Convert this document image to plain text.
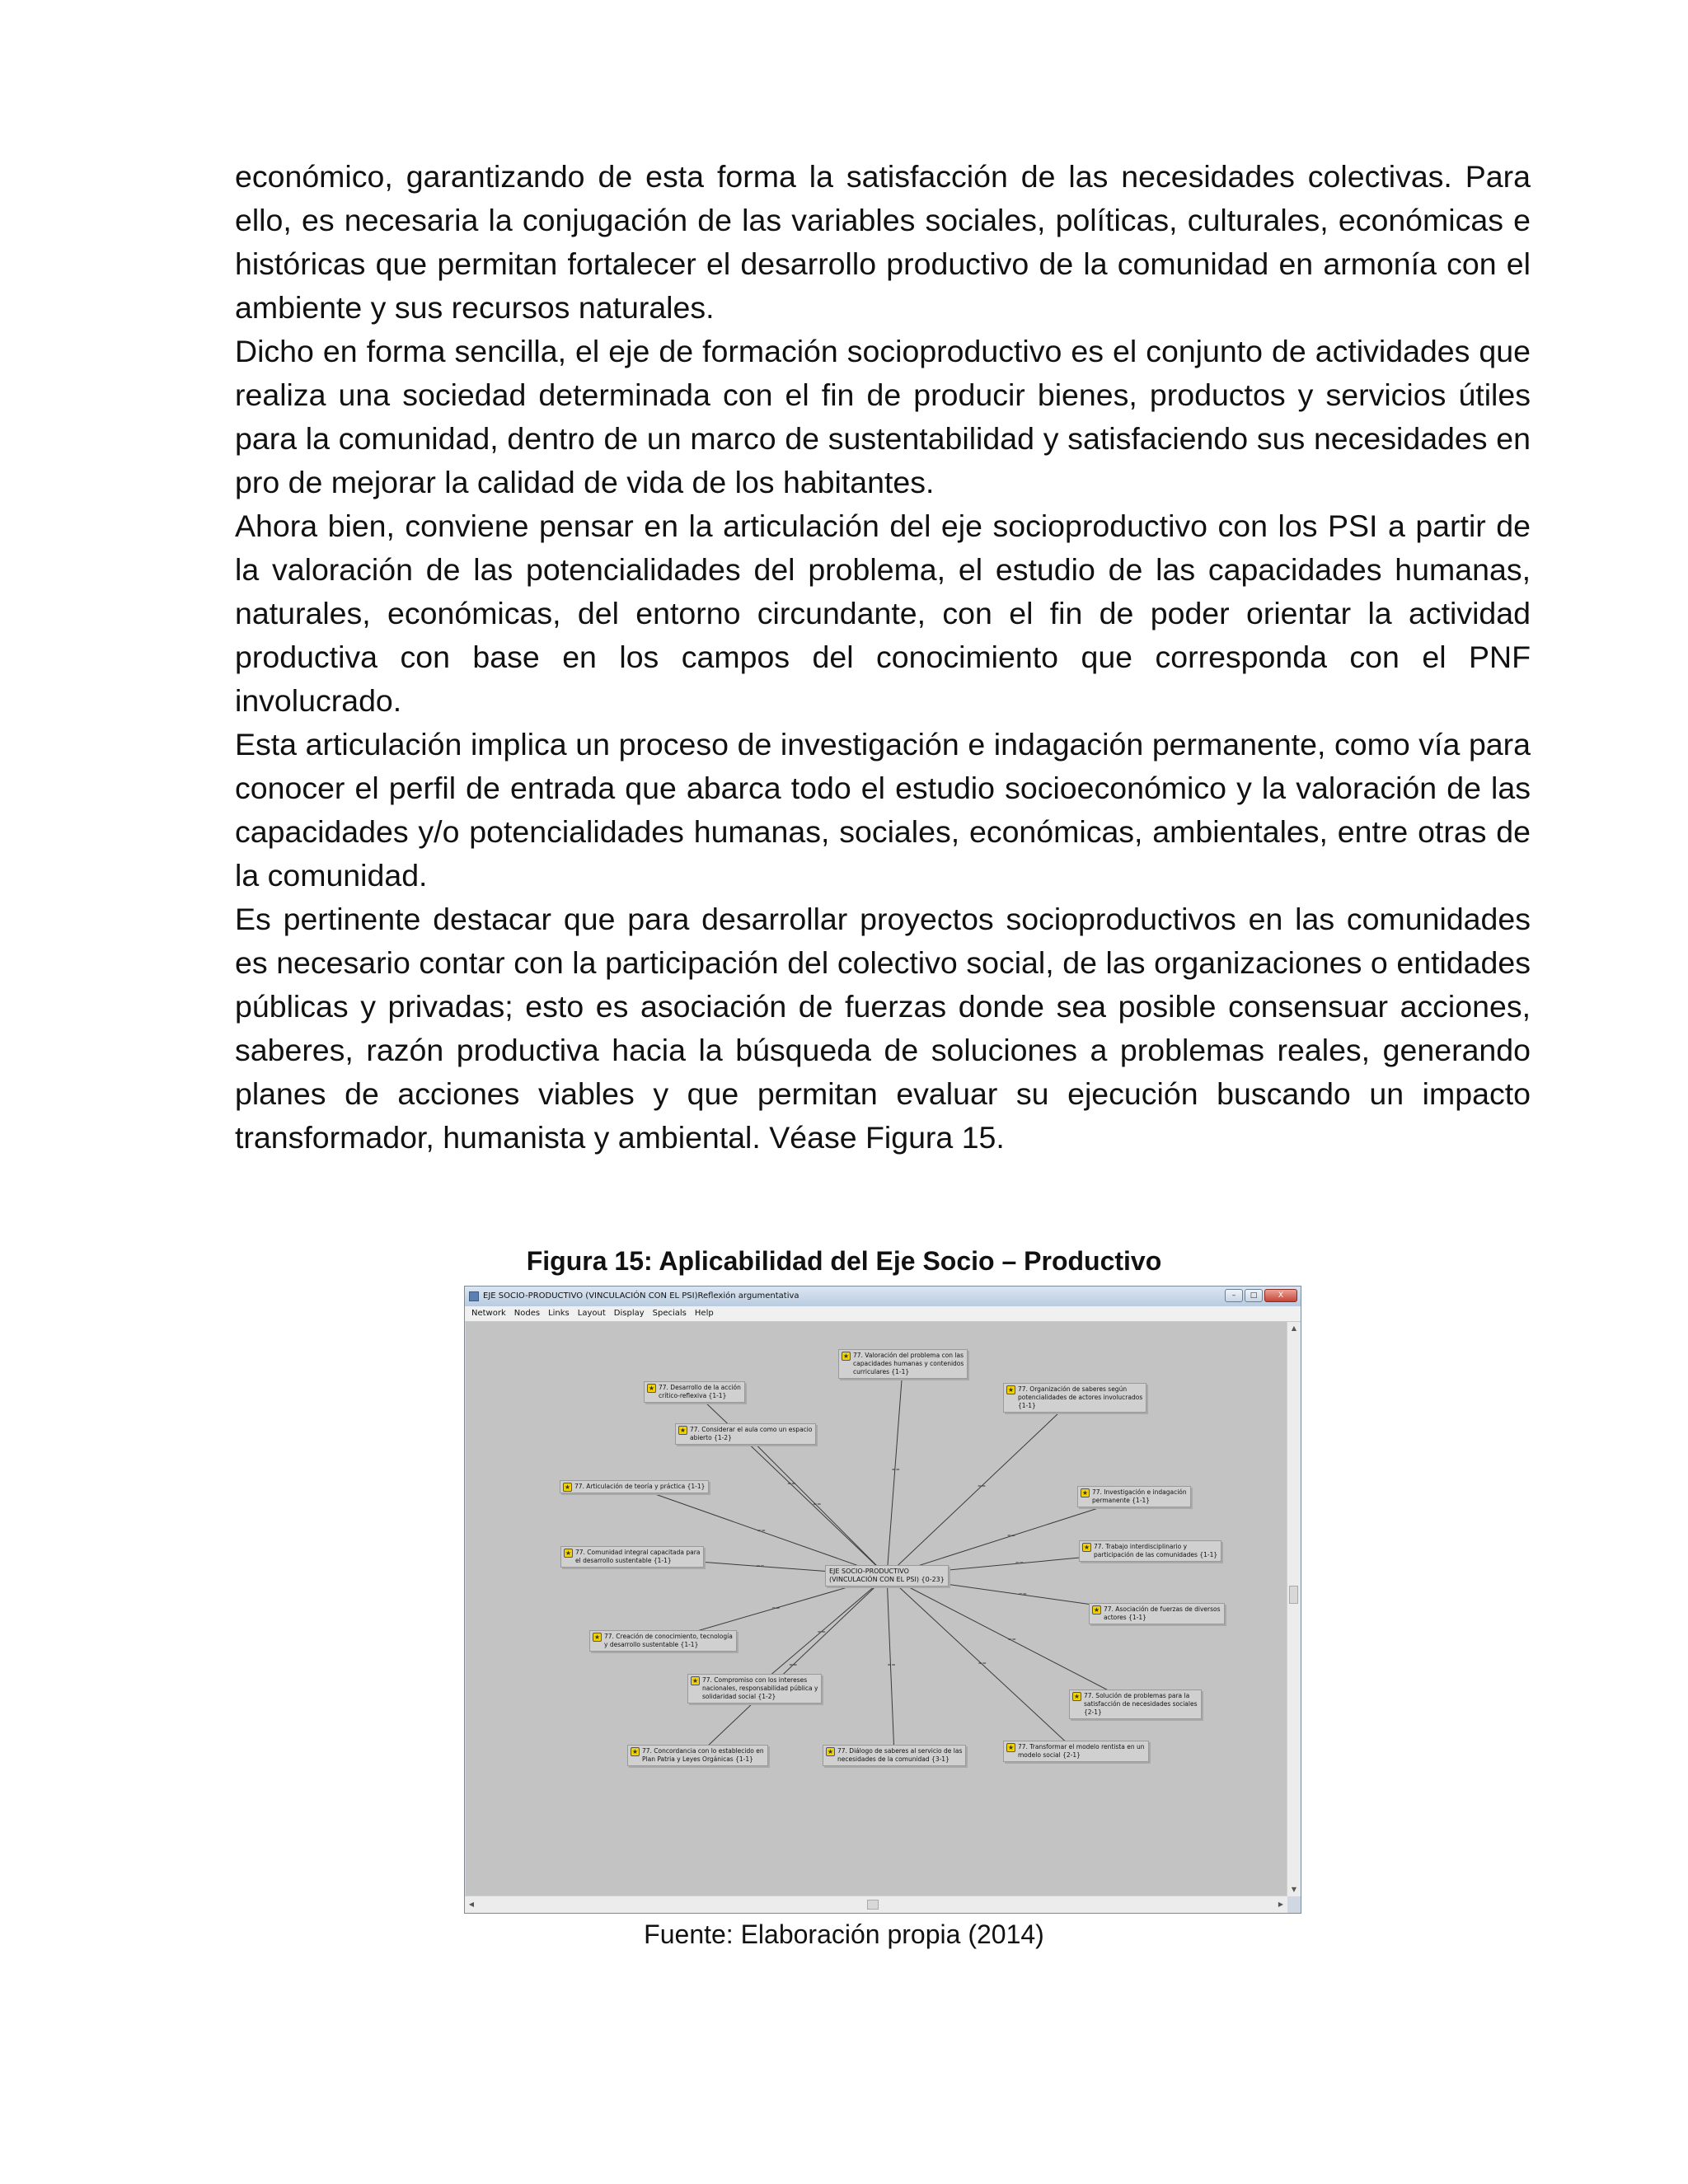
económico, garantizando de esta forma la satisfacción de las necesidades colectivas. Para ello, es necesaria la conjugación de las variables sociales, políticas, culturales, económicas e históricas que permitan fortalecer el desarrollo productivo de la comunidad en armonía con el ambiente y sus recursos naturales.

Dicho en forma sencilla, el eje de formación socioproductivo es el conjunto de actividades que realiza una sociedad determinada con el fin de producir bienes, productos y servicios útiles para la comunidad, dentro de un marco de sustentabilidad y satisfaciendo sus necesidades en pro de mejorar la calidad de vida de los habitantes.

Ahora bien, conviene pensar en la articulación del eje socioproductivo con los PSI a partir de la valoración de las potencialidades del problema, el estudio de las capacidades humanas, naturales, económicas, del entorno circundante, con el fin de poder orientar la actividad productiva con base en los campos del conocimiento que corresponda con el PNF involucrado.

Esta articulación implica un proceso de investigación e indagación permanente, como vía para conocer el perfil de entrada que abarca todo el estudio socioeconómico y la valoración de las capacidades y/o potencialidades humanas, sociales, económicas, ambientales, entre otras de la comunidad.

Es pertinente destacar que para desarrollar proyectos socioproductivos en las comunidades es necesario contar con la participación del colectivo social, de las organizaciones o entidades públicas y privadas; esto es asociación de fuerzas donde sea posible consensuar acciones, saberes, razón productiva hacia la búsqueda de soluciones a problemas reales, generando planes de acciones viables y que permitan evaluar su ejecución buscando un impacto transformador, humanista y ambiental. Véase Figura 15.

Figura 15: Aplicabilidad del Eje Socio – Productivo
EJE SOCIO-PRODUCTIVO (VINCULACIÓN CON EL PSI)Reflexión argumentativa	–	□	X
Network	Nodes	Links	Layout	Display	Specials	Help
EJE SOCIO-PRODUCTIVO
(VINCULACIÓN CON EL PSI) {0-23}
★ 77. Desarrollo de la acción
crítico-reflexiva {1-1}
★ 77. Valoración del problema con las
capacidades humanas y contenidos
curriculares {1-1}
★ 77. Organización de saberes según
potencialidades de actores involucrados
{1-1}
★ 77. Considerar el aula como un espacio
abierto {1-2}
★ 77. Investigación e indagación
permanente {1-1}
★ 77. Articulación de teoría y práctica {1-1}
★ 77. Trabajo interdisciplinario y
participación de las comunidades {1-1}
★ 77. Comunidad integral capacitada para
el desarrollo sustentable {1-1}
★ 77. Asociación de fuerzas de diversos
actores {1-1}
★ 77. Creación de conocimiento, tecnología
y desarrollo sustentable {1-1}
★ 77. Solución de problemas para la
satisfacción de necesidades sociales
{2-1}
★ 77. Compromiso con los intereses
nacionales, responsabilidad pública y
solidaridad social {1-2}
★ 77. Concordancia con lo establecido en
Plan Patria y Leyes Orgánicas {1-1}
★ 77. Diálogo de saberes al servicio de las
necesidades de la comunidad {3-1}
★ 77. Transformar el modelo rentista en un
modelo social {2-1}
==
==
==
==
==
==
==
==
==
==
==
==
==	==	==
▲
▼
◀	▶
Fuente: Elaboración propia (2014)
